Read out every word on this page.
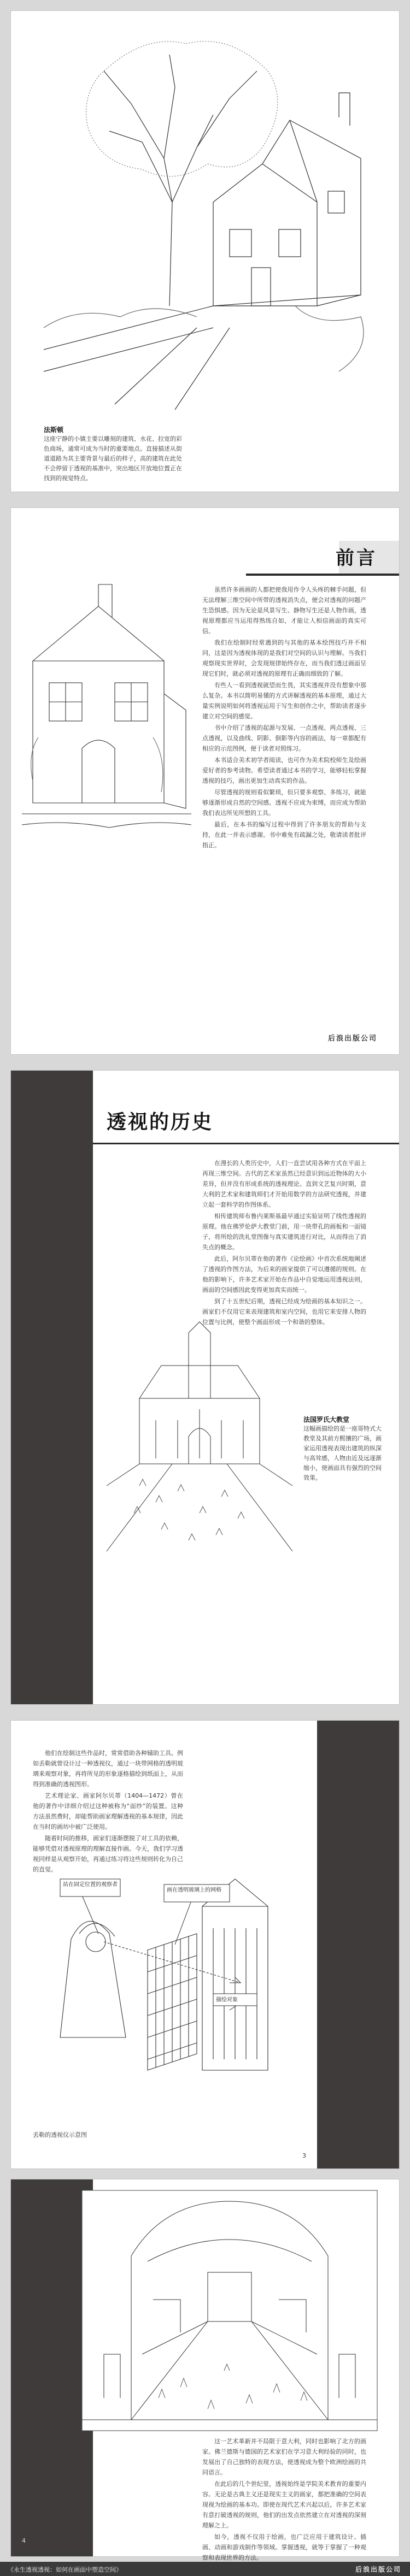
法斯顿
这座宁静的小镇主要以雕刻的建筑、水花、拉宽的彩色商场，通常可成为当时的重要地点。直接描述从街道道路为其主要背景与最后的样子，高的建筑在此处不会停留于透视的基准中，突出地区开放地位置正在找到的视觉特点。
前言

虽然许多画画的人都把使我用作令人头疼的棘手问题，但无法理解三维空间中所带的透视消失点，便会对透视的问题产生恐惧感。因为无论是风景写生、静物写生还是人物作画，透视原理都应当运用得熟练自如，才能让人相信画面的真实可信。

我们在绘制时经常遇到的与其他的基本绘图技巧并不相同，这是因为透视体现的是我们对空间的认识与理解。当我们观察现实世界时，会发现规律始终存在，而当我们透过画面呈现它们时，就必须对透视的原理有正确而细致的了解。

有些人一看到透视就望而生畏，其实透视并没有想象中那么复杂。本书以简明易懂的方式讲解透视的基本原理，通过大量实例说明如何将透视运用于写生和创作之中，帮助读者逐步建立对空间的感觉。

书中介绍了透视的起源与发展、一点透视、两点透视、三点透视，以及曲线、阴影、倒影等内容的画法，每一章都配有相应的示范图例，便于读者对照练习。

本书适合美术初学者阅读，也可作为美术院校师生及绘画爱好者的参考读物。希望读者通过本书的学习，能够轻松掌握透视的技巧，画出更加生动真实的作品。

尽管透视的规则看似繁琐，但只要多观察、多练习，就能够逐渐形成自然的空间感。透视不应成为束缚，而应成为帮助我们表达所见所想的工具。

最后，在本书的编写过程中得到了许多朋友的帮助与支持，在此一并表示感谢。书中难免有疏漏之处，敬请读者批评指正。

后浪出版公司
透视的历史

在漫长的人类历史中，人们一直尝试用各种方式在平面上再现三维空间。古代的艺术家虽然已经意识到远近物体的大小差异，但并没有形成系统的透视理论。直到文艺复兴时期，意大利的艺术家和建筑师们才开始用数学的方法研究透视，并建立起一套科学的作图体系。

相传建筑师布鲁内莱斯基最早通过实验证明了线性透视的原理。他在佛罗伦萨大教堂门前，用一块带孔的画板和一面镜子，将所绘的洗礼堂图像与真实建筑进行对比，从而得出了消失点的概念。

此后，阿尔贝蒂在他的著作《论绘画》中首次系统地阐述了透视的作图方法，为后来的画家提供了可以遵循的规则。在他的影响下，许多艺术家开始在作品中自觉地运用透视法则，画面的空间感因此变得更加真实而统一。

到了十五世纪后期，透视已经成为绘画的基本知识之一。画家们不仅用它来表现建筑和室内空间，也用它来安排人物的位置与比例，使整个画面形成一个和谐的整体。

法国罗氏大教堂
这幅画描绘的是一座哥特式大教堂及其前方熙攘的广场，画家运用透视表现出建筑的纵深与高耸感，人物由近及远逐渐缩小，使画面具有强烈的空间效果。

他们在绘制这些作品时，常常借助各种辅助工具。例如丢勒就曾设计过一种透视仪，通过一块带网格的透明玻璃来观察对象，再将所见的形象逐格描绘到纸面上，从而得到准确的透视图形。

艺术理论家、画家阿尔贝蒂（1404—1472）曾在他的著作中详细介绍过这种被称为“面纱”的装置。这种方法虽然费时，却能帮助画家理解透视的基本规律，因此在当时的画坊中被广泛使用。

随着时间的推移，画家们逐渐摆脱了对工具的依赖，能够凭借对透视原理的理解直接作画。今天，我们学习透视同样是从观察开始，再通过练习将这些规则转化为自己的直觉。

站在固定位置的观察者
画在透明玻璃上的网格
描绘对象
丢勒的透视仪示意图
3

这一艺术革新并不局限于意大利，同时也影响了北方的画家。佛兰德斯与德国的艺术家们在学习意大利经验的同时，也发展出了自己独特的表现方法，使透视成为整个欧洲绘画的共同语言。

在此后的几个世纪里，透视始终是学院美术教育的重要内容。无论是古典主义还是现实主义的画家，都把准确的空间表现视为绘画的基本功。即使在现代艺术兴起以后，许多艺术家有意打破透视的规则，他们的出发点依然建立在对透视的深刻理解之上。

如今，透视不仅用于绘画，也广泛应用于建筑设计、插画、动画和游戏制作等领域。掌握透视，就等于掌握了一种观察和表现世界的方法。

4
《永生透视透视：如何在画面中塑造空间》	后浪出版公司
